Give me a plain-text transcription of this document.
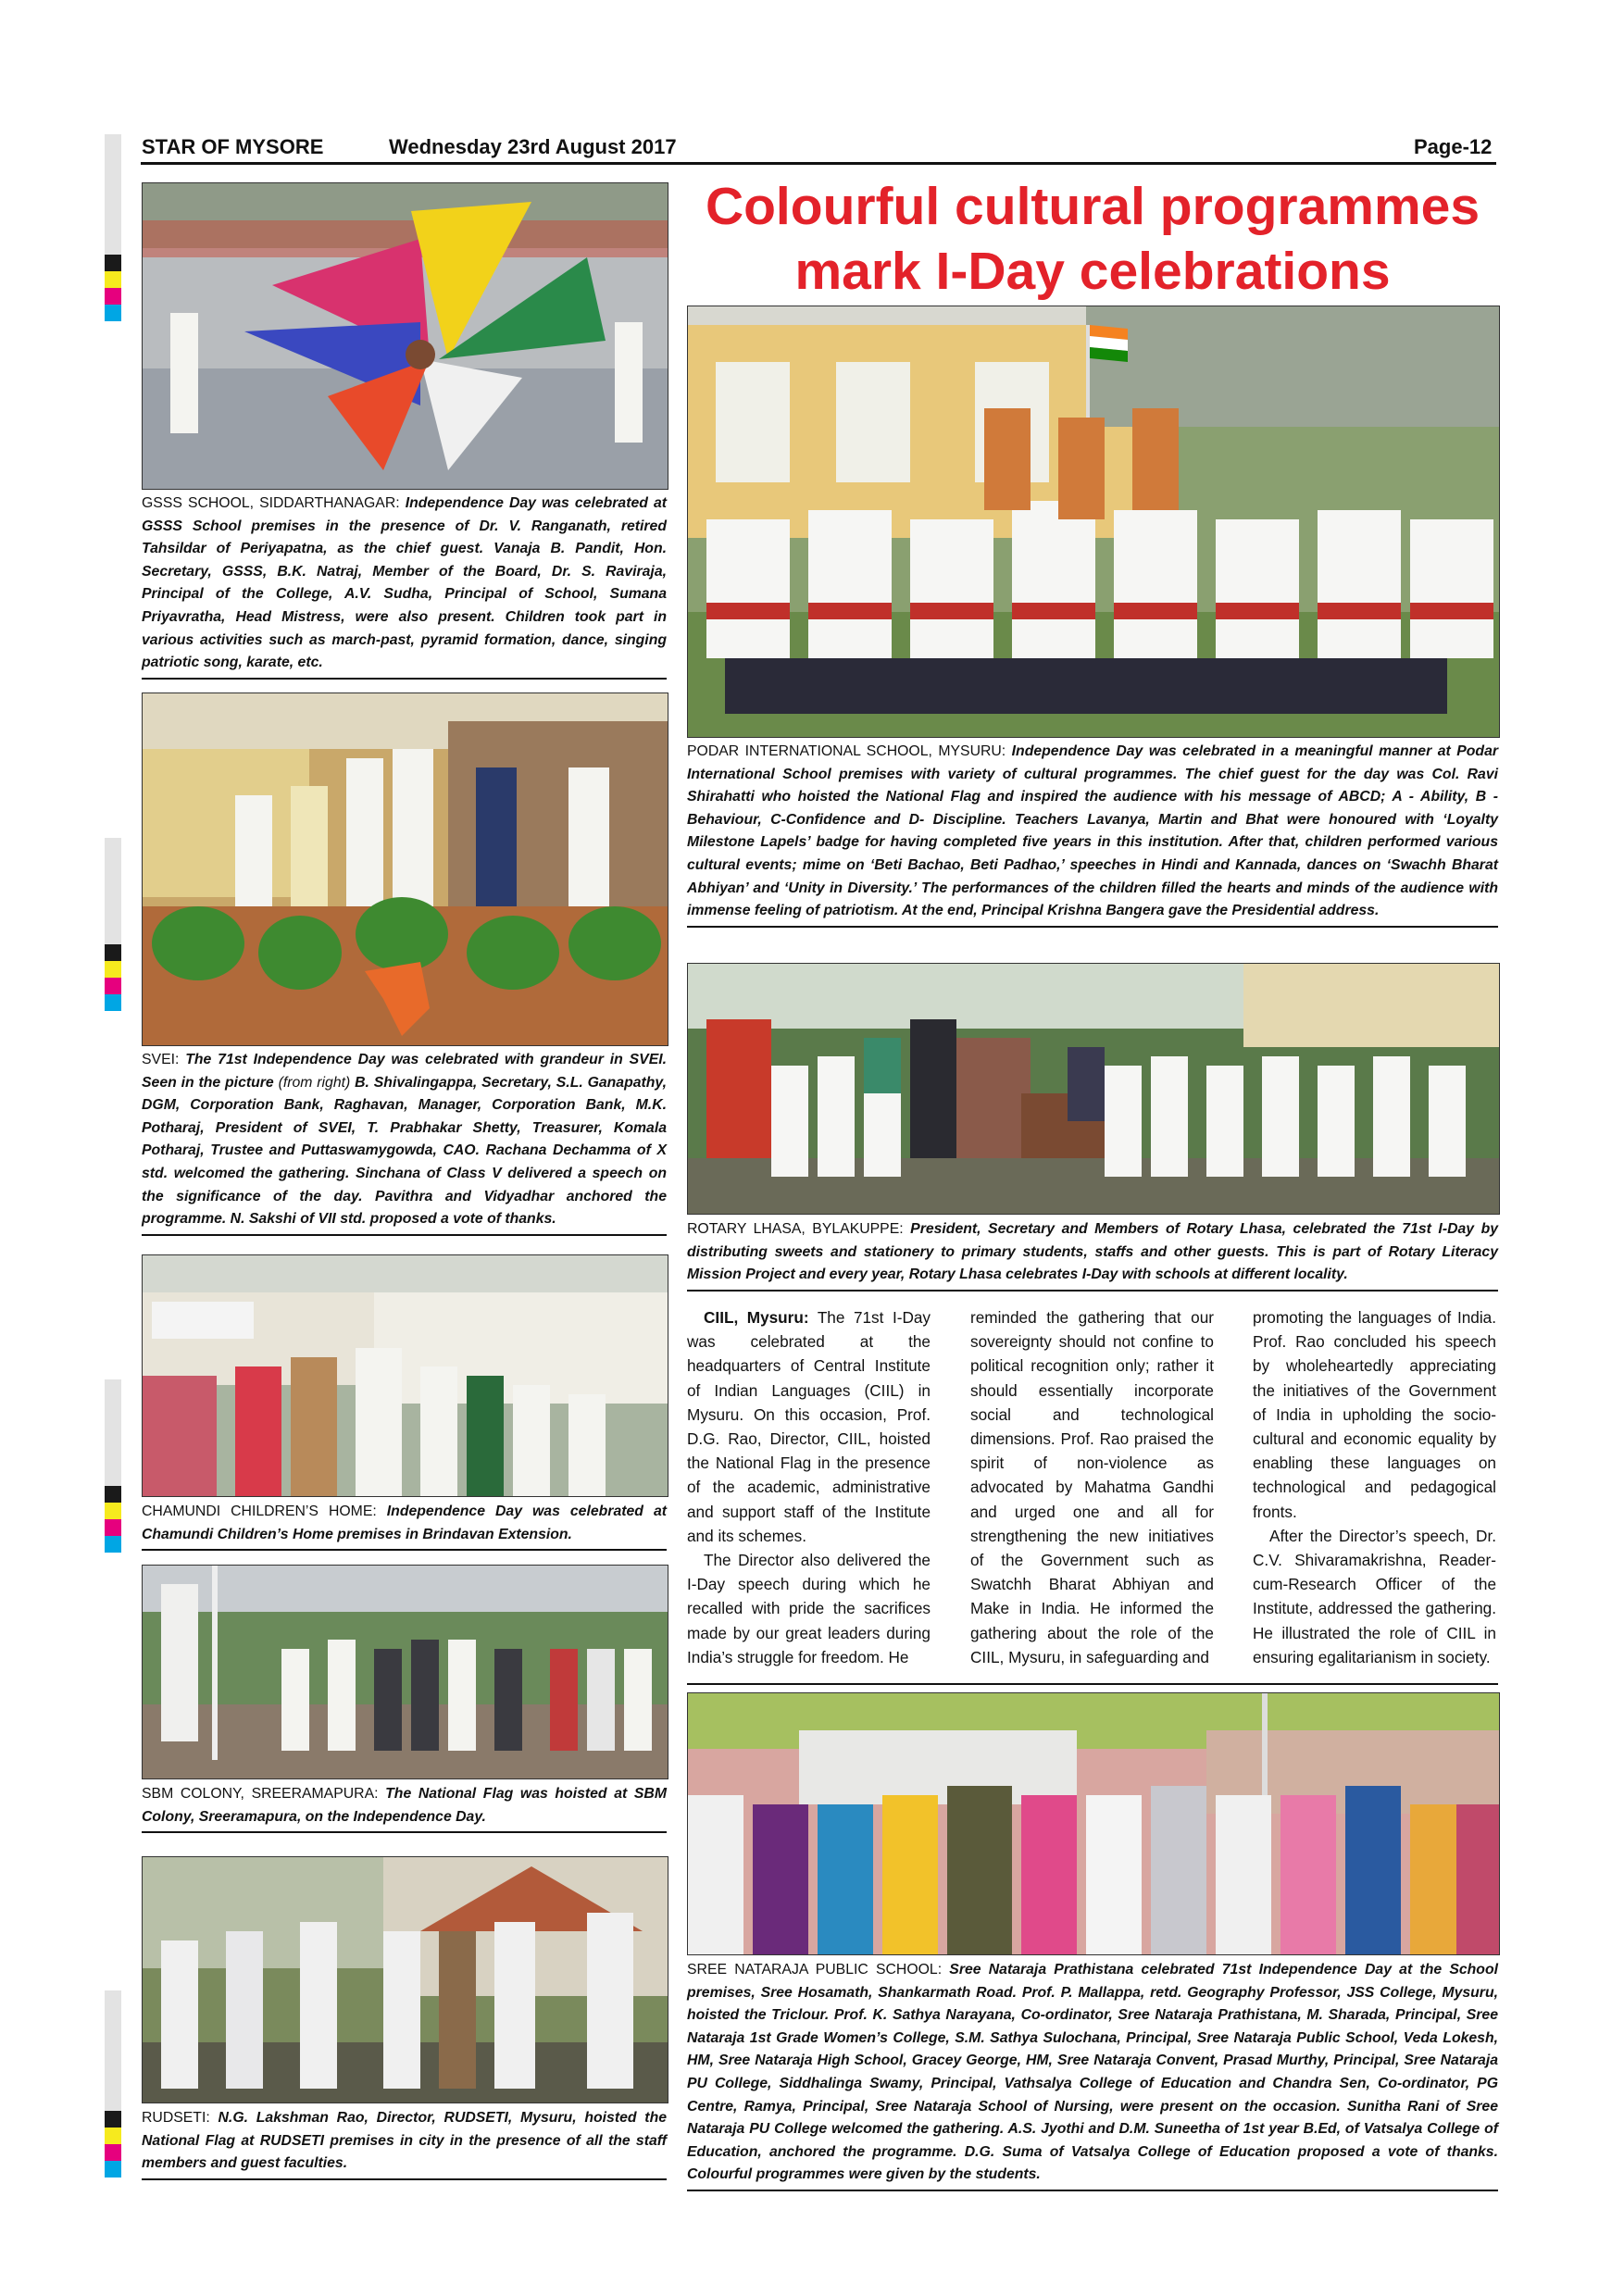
STAR OF MYSORE	Wednesday 23rd August 2017	Page-12
Colourful cultural programmes
mark I-Day celebrations
GSSS SCHOOL, SIDDARTHANAGAR: Independence Day was celebrated at GSSS School premises in the presence of Dr. V. Ranganath, retired Tahsildar of Periyapatna, as the chief guest. Vanaja B. Pandit, Hon. Secretary, GSSS, B.K. Natraj, Member of the Board, Dr. S. Raviraja, Principal of the College, A.V. Sudha, Principal of School, Sumana Priyavratha, Head Mistress, were also present. Children took part in various activities such as march-past, pyramid formation, dance, singing patriotic song, karate, etc.
SVEI: The 71st Independence Day was celebrated with grandeur in SVEI. Seen in the picture (from right) B. Shivalingappa, Secretary, S.L. Ganapathy, DGM, Corporation Bank, Raghavan, Manager, Corporation Bank, M.K. Potharaj, President of SVEI, T. Prabhakar Shetty, Treasurer, Komala Potharaj, Trustee and Puttaswamygowda, CAO. Rachana Dechamma of X std. welcomed the gathering. Sinchana of Class V delivered a speech on the significance of the day. Pavithra and Vidyadhar anchored the programme. N. Sakshi of VII std. proposed a vote of thanks.
CHAMUNDI CHILDREN’S HOME: Independence Day was celebrated at Chamundi Children’s Home premises in Brindavan Extension.
SBM COLONY, SREERAMAPURA: The National Flag was hoisted at SBM Colony, Sreeramapura, on the Independence Day.
RUDSETI: N.G. Lakshman Rao, Director, RUDSETI, Mysuru, hoisted the National Flag at RUDSETI premises in city in the presence of all the staff members and guest faculties.
PODAR INTERNATIONAL SCHOOL, MYSURU: Independence Day was celebrated in a meaningful manner at Podar International School premises with variety of cultural programmes. The chief guest for the day was Col. Ravi Shirahatti who hoisted the National Flag and inspired the audience with his message of ABCD; A - Ability, B - Behaviour, C-Confidence and D- Discipline. Teachers Lavanya, Martin and Bhat were honoured with ‘Loyalty Milestone Lapels’ badge for having completed five years in this institution. After that, children performed various cultural events; mime on ‘Beti Bachao, Beti Padhao,’ speeches in Hindi and Kannada, dances on ‘Swachh Bharat Abhiyan’ and ‘Unity in Diversity.’ The performances of the children filled the hearts and minds of the audience with immense feeling of patriotism. At the end, Principal Krishna Bangera gave the Presidential address.
ROTARY LHASA, BYLAKUPPE: President, Secretary and Members of Rotary Lhasa, celebrated the 71st I-Day by distributing sweets and stationery to primary students, staffs and other guests. This is part of Rotary Literacy Mission Project and every year, Rotary Lhasa celebrates I-Day with schools at different locality.

CIIL, Mysuru: The 71st I-Day was celebrated at the headquarters of Central Institute of Indian Languages (CIIL) in Mysuru. On this occasion, Prof. D.G. Rao, Director, CIIL, hoisted the National Flag in the presence of the academic, administrative and support staff of the Institute and its schemes.	After the Director’s speech, Dr. C.V. Shivaramakrishna, Reader-cum-Research Officer of the Institute, addressed the gathering. He illustrated the role of CIIL in ensuring egalitarianism in society.

SREE NATARAJA PUBLIC SCHOOL: Sree Nataraja Prathistana celebrated 71st Independence Day at the School premises, Sree Hosamath, Shankarmath Road. Prof. P. Mallappa, retd. Geography Professor, JSS College, Mysuru, hoisted the Triclour. Prof. K. Sathya Narayana, Co-ordinator, Sree Nataraja Prathistana, M. Sharada, Principal, Sree Nataraja 1st Grade Women’s College, S.M. Sathya Sulochana, Principal, Sree Nataraja Public School, Veda Lokesh, HM, Sree Nataraja High School, Gracey George, HM, Sree Nataraja Convent, Prasad Murthy, Principal, Sree Nataraja PU College, Siddhalinga Swamy, Principal, Vathsalya College of Education and Chandra Sen, Co-ordinator, PG Centre, Ramya, Principal, Sree Nataraja School of Nursing, were present on the occasion. Sunitha Rani of Sree Nataraja PU College welcomed the gathering. A.S. Jyothi and D.M. Suneetha of 1st year B.Ed, of Vatsalya College of Education, anchored the programme. D.G. Suma of Vatsalya College of Education proposed a vote of thanks. Colourful programmes were given by the students.

The Director also delivered the I-Day speech during which he recalled with pride the sacrifices made by our great leaders during India’s struggle for freedom. He

reminded the gathering that our sovereignty should not confine to political recognition only; rather it should essentially incorporate social and technological dimensions. Prof. Rao praised the spirit of non-violence as advocated by Mahatma Gandhi and urged one and all for strengthening the new initiatives of the Government such as Swatchh Bharat Abhiyan and Make in India. He informed the gathering about the role of the CIIL, Mysuru, in safeguarding and

promoting the languages of India. Prof. Rao concluded his speech by wholeheartedly appreciating the initiatives of the Government of India in upholding the socio-cultural and economic equality by enabling these languages on technological and pedagogical fronts.
